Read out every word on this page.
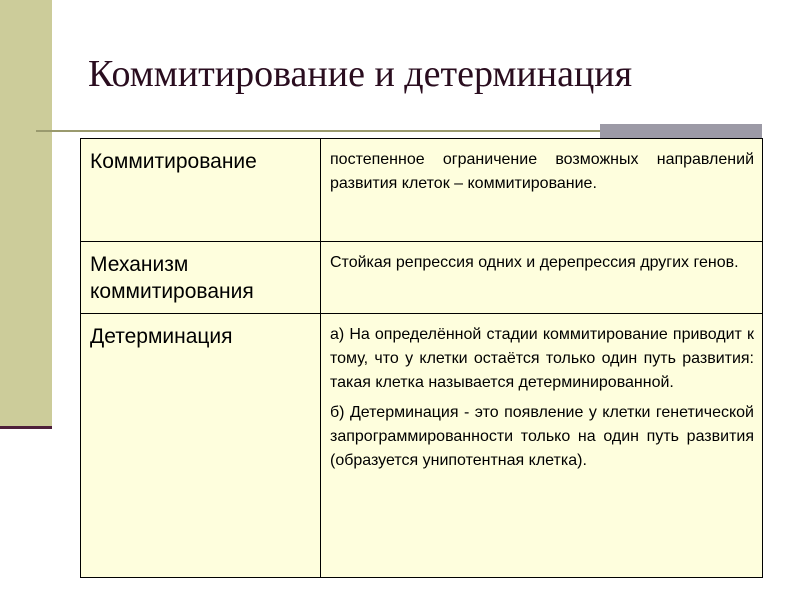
Коммитирование и детерминация
Коммитирование	постепенное ограничение возможных направлений развития клеток – коммитирование.

Механизм коммитирования	Стойкая репрессия одних и дерепрессия других генов.

Детерминация	а) На определённой стадии коммитирование приводит к тому, что у клетки остаётся только один путь развития: такая клетка называется детерминированной.

б) Детерминация - это появление у клетки генетической запрограммированности только на один путь развития (образуется унипотентная клетка).
